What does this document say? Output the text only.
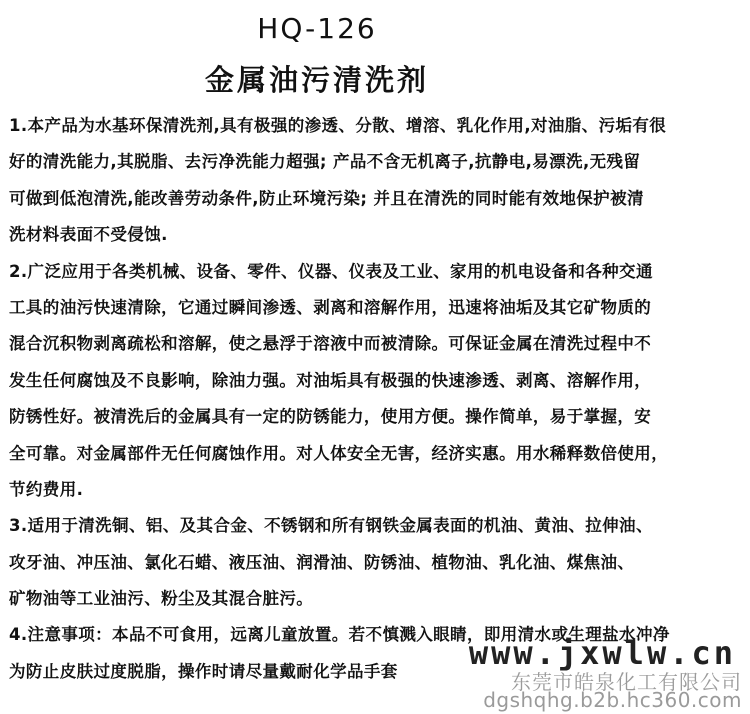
HQ-126
金属油污清洗剂
1.本产品为水基环保清洗剂,具有极强的渗透、分散、增溶、乳化作用,对油脂、污垢有很
好的清洗能力,其脱脂、去污净洗能力超强; 产品不含无机离子,抗静电,易漂洗,无残留
可做到低泡清洗,能改善劳动条件,防止环境污染; 并且在清洗的同时能有效地保护被清
洗材料表面不受侵蚀.
2.广泛应用于各类机械、设备、零件、仪器、仪表及工业、家用的机电设备和各种交通
工具的油污快速清除，它通过瞬间渗透、剥离和溶解作用，迅速将油垢及其它矿物质的
混合沉积物剥离疏松和溶解，使之悬浮于溶液中而被清除。可保证金属在清洗过程中不
发生任何腐蚀及不良影响，除油力强。对油垢具有极强的快速渗透、剥离、溶解作用，
防锈性好。被清洗后的金属具有一定的防锈能力，使用方便。操作简单，易于掌握，安
全可靠。对金属部件无任何腐蚀作用。对人体安全无害，经济实惠。用水稀释数倍使用，
节约费用.
3.适用于清洗铜、铝、及其合金、不锈钢和所有钢铁金属表面的机油、黄油、拉伸油、
攻牙油、冲压油、氯化石蜡、液压油、润滑油、防锈油、植物油、乳化油、煤焦油、
矿物油等工业油污、粉尘及其混合脏污。
4.注意事项：本品不可食用，远离儿童放置。若不慎溅入眼睛，即用清水或生理盐水冲净
为防止皮肤过度脱脂，操作时请尽量戴耐化学品手套	www.jxwlw.cn
东莞市皓泉化工有限公司
dgshqhg.b2b.hc360.com
